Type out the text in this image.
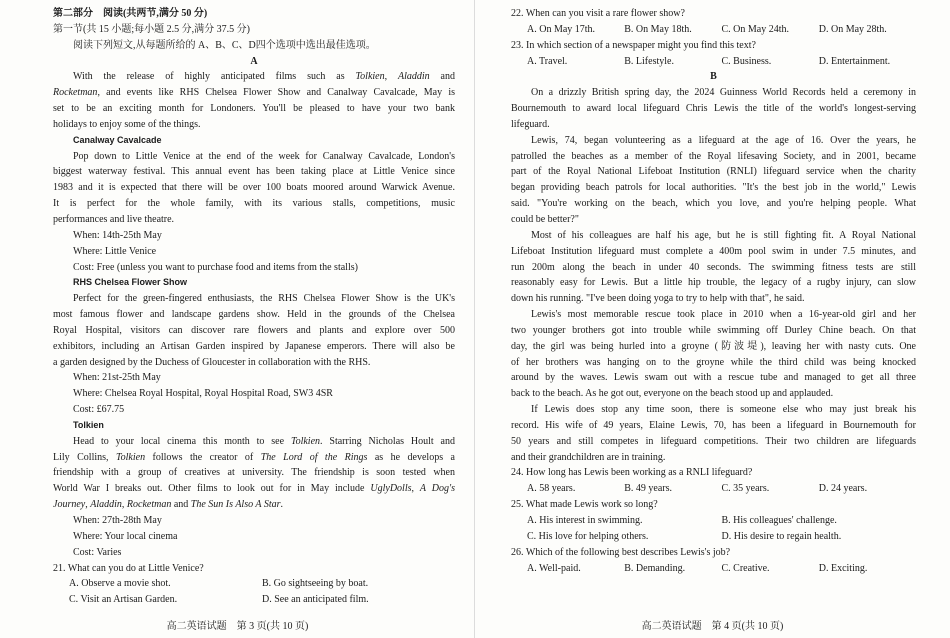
第二部分　阅读(共两节,满分 50 分)

第一节(共 15 小题;每小题 2.5 分,满分 37.5 分)

阅读下列短文,从每题所给的 A、B、C、D四个选项中选出最佳选项。

A

With the release of highly anticipated films such as Tolkien, Aladdin and

Rocketman, and events like RHS Chelsea Flower Show and Canalway Cavalcade, May is

set to be an exciting month for Londoners. You'll be pleased to have your two bank

holidays to enjoy some of the things.

Canalway Cavalcade

Pop down to Little Venice at the end of the week for Canalway Cavalcade, London's

biggest waterway festival. This annual event has been taking place at Little Venice since

1983 and it is expected that there will be over 100 boats moored around Warwick Avenue.

It is perfect for the whole family, with its various stalls, competitions, music

performances and live theatre.

When: 14th-25th May

Where: Little Venice

Cost: Free (unless you want to purchase food and items from the stalls)

RHS Chelsea Flower Show

Perfect for the green-fingered enthusiasts, the RHS Chelsea Flower Show is the UK's

most famous flower and landscape gardens show. Held in the grounds of the Chelsea

Royal Hospital, visitors can discover rare flowers and plants and explore over 500

exhibitors, including an Artisan Garden inspired by Japanese emperors. There will also be

a garden designed by the Duchess of Gloucester in collaboration with the RHS.

When: 21st-25th May

Where: Chelsea Royal Hospital, Royal Hospital Road, SW3 4SR

Cost: £67.75

Tolkien

Head to your local cinema this month to see Tolkien. Starring Nicholas Hoult and

Lily Collins, Tolkien follows the creator of The Lord of the Rings as he develops a

friendship with a group of creatives at university. The friendship is soon tested when

World War I breaks out. Other films to look out for in May include UglyDolls, A Dog's

Journey, Aladdin, Rocketman and The Sun Is Also A Star.

When: 27th-28th May

Where: Your local cinema

Cost: Varies

21. What can you do at Little Venice?

A. Observe a movie shot.	B. Go sightseeing by boat.
C. Visit an Artisan Garden.	D. See an anticipated film.
高二英语试题　第 3 页(共 10 页)

22. When can you visit a rare flower show?

A. On May 17th.	B. On May 18th.	C. On May 24th.	D. On May 28th.

23. In which section of a newspaper might you find this text?

A. Travel.	B. Lifestyle.	C. Business.	D. Entertainment.

B

On a drizzly British spring day, the 2024 Guinness World Records held a ceremony in

Bournemouth to award local lifeguard Chris Lewis the title of the world's longest-serving

lifeguard.

Lewis, 74, began volunteering as a lifeguard at the age of 16. Over the years, he

patrolled the beaches as a member of the Royal lifesaving Society, and in 2001, became

part of the Royal National Lifeboat Institution (RNLI) lifeguard service when the charity

began providing beach patrols for local authorities. "It's the best job in the world," Lewis

said. "You're working on the beach, which you love, and you're helping people. What

could be better?"

Most of his colleagues are half his age, but he is still fighting fit. A Royal National

Lifeboat Institution lifeguard must complete a 400m pool swim in under 7.5 minutes, and

run 200m along the beach in under 40 seconds. The swimming fitness tests are still

reasonably easy for Lewis. But a little hip trouble, the legacy of a rugby injury, can slow

down his running. "I've been doing yoga to try to help with that", he said.

Lewis's most memorable rescue took place in 2010 when a 16-year-old girl and her

two younger brothers got into trouble while swimming off Durley Chine beach. On that

day, the girl was being hurled into a groyne (防波堤), leaving her with nasty cuts. One

of her brothers was hanging on to the groyne while the third child was being knocked

around by the waves. Lewis swam out with a rescue tube and managed to get all three

back to the beach. As he got out, everyone on the beach stood up and applauded.

If Lewis does stop any time soon, there is someone else who may just break his

record. His wife of 49 years, Elaine Lewis, 70, has been a lifeguard in Bournemouth for

50 years and still competes in lifeguard competitions. Their two children are lifeguards

and their grandchildren are in training.

24. How long has Lewis been working as a RNLI lifeguard?

A. 58 years.	B. 49 years.	C. 35 years.	D. 24 years.

25. What made Lewis work so long?

A. His interest in swimming.	B. His colleagues' challenge.
C. His love for helping others.	D. His desire to regain health.

26. Which of the following best describes Lewis's job?

A. Well-paid.	B. Demanding.	C. Creative.	D. Exciting.
高二英语试题　第 4 页(共 10 页)
